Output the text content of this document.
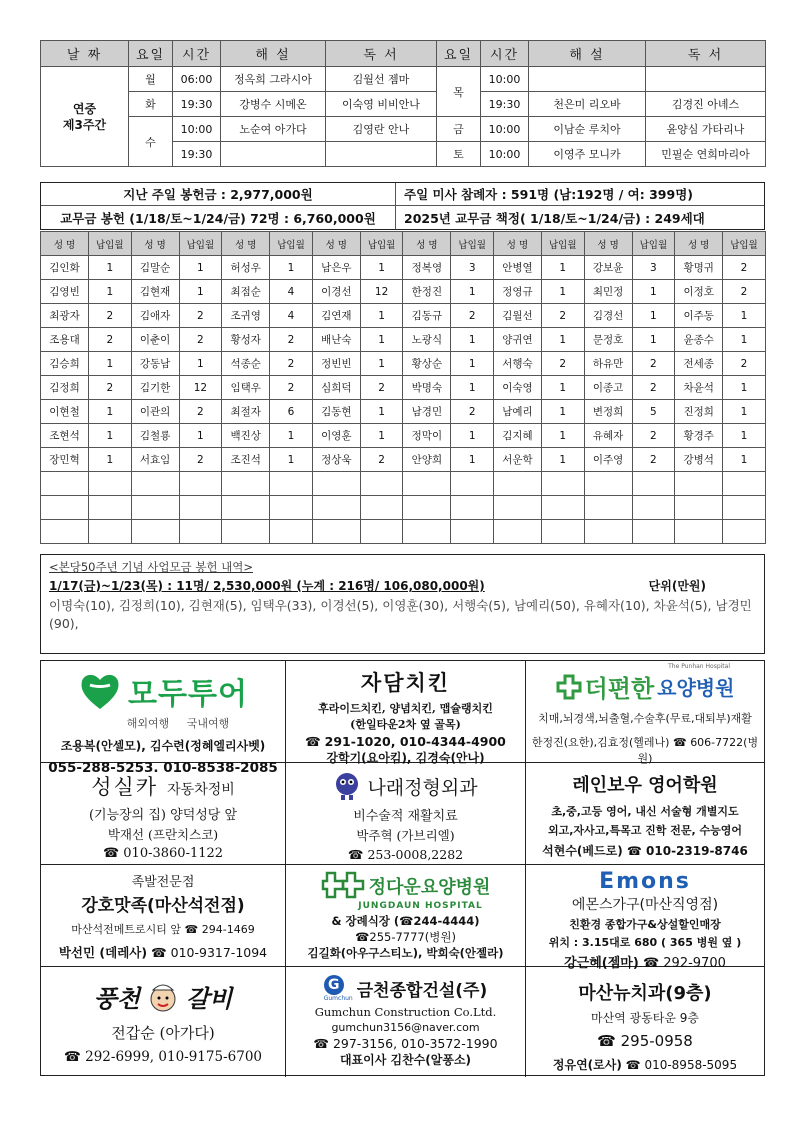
날 짜	요일	시간	해 설	독 서	요일	시간	해 설	독 서

연중
제3주간	월	06:00	정옥희 그라시아	김월선 젬마	목	10:00		
	화	19:30	강병수 시메온	이숙영 비비안나		19:30	천은미 리오바	김경진 아녜스
	수	10:00	노순여 아가다	김영란 안나	금	10:00	이남순 루치아	윤양심 가타리나
		19:30			토	10:00	이영주 모니카	민필순 연희마리아
지난 주일 봉헌금 : 2,977,000원	주일 미사 참례자 : 591명 (남:192명 / 여: 399명)
교무금 봉헌 (1/18/토~1/24/금) 72명 : 6,760,000원	2025년 교무금 책정( 1/18/토~1/24/금) : 249세대
성 명	납입월	성 명	납입월	성 명	납입월	성 명	납입월	성 명	납입월	성 명	납입월	성 명	납입월	성 명	납입월
김인화	1	김말순	1	허성우	1	남은우	1	정복영	3	안병열	1	강보윤	3	황명귀	2
김영빈	1	김현재	1	최점순	4	이경선	12	한정진	1	정영규	1	최민정	1	이정호	2
최광자	2	김애자	2	조귀영	4	김연재	1	김동규	2	김월선	2	김경선	1	이주동	1
조용대	2	이춘이	2	황성자	2	배난숙	1	노광식	1	양귀연	1	문정호	1	윤종수	1
김승희	1	강동남	1	석종순	2	정빈빈	1	황상순	1	서행숙	2	하유만	2	전세종	2
김정희	2	김기한	12	임택우	2	심희덕	2	박명숙	1	이숙영	1	이종고	2	차윤석	1
이현철	1	이관의	2	최절자	6	김동현	1	남경민	2	남예리	1	변정희	5	진정희	1
조현석	1	김철룡	1	백진상	1	이영훈	1	정막이	1	김지혜	1	유혜자	2	황경주	1
장민혁	1	서효임	2	조진석	1	정상욱	2	안양희	1	서운학	1	이주영	2	강병석	1

<본당50주년 기념 사업모금 봉헌 내역>
1/17(금)~1/23(목) : 11명/ 2,530,000원 (누계 : 216명/ 106,080,000원)	단위(만원)
이명숙(10), 김정희(10), 김현재(5), 임택우(33), 이경선(5), 이영훈(30), 서행숙(5), 남예리(50), 유혜자(10), 차윤석(5), 남경민(90),
모두투어
해외여행 국내여행
조용복(안셀모), 김수련(정혜엘리사벳)
055-288-5253. 010-8538-2085
자담치킨
후라이드치킨, 양념치킨, 맵슐랭치킨
(한일타운2차 옆 골목)
☎ 291-1020, 010-4344-4900
강학기(요아킴), 김경숙(안나)
더편한 요양병원
The Punhan Hospital
치매,뇌경색,뇌출혈,수술후(무료,대퇴부)재활
한정진(요한),김효정(헬레나) ☎ 606-7722(병원)
성실카 자동차정비
(기능장의 집) 양덕성당 앞
박재선 (프란치스코)
☎ 010-3860-1122
나래정형외과
비수술적 재활치료
박주혁 (가브리엘)
☎ 253-0008,2282
레인보우 영어학원
초,중,고등 영어, 내신 서술형 개별지도
외고,자사고,특목고 진학 전문, 수능영어
석현수(베드로) ☎ 010-2319-8746
족발전문점
강호맛족(마산석전점)
마산석전메트로시티 앞 ☎ 294-1469
박선민 (데레사) ☎ 010-9317-1094
정다운요양병원
JUNGDAUN HOSPITAL
& 장례식장 (☎244-4444)
☎255-7777(병원)
김길화(아우구스티노), 박희숙(안젤라)
Emons
에몬스가구(마산직영점)
친환경 종합가구&상설할인매장
위치 : 3.15대로 680 ( 365 병원 옆 )
강근혜(젬마) ☎ 292-9700
풍천 갈비
전갑순 (아가다)
☎ 292-6999, 010-9175-6700
G
Gumchun 금천종합건설(주)
Gumchun Construction Co.Ltd.
gumchun3156@naver.com
☎ 297-3156, 010-3572-1990
대표이사 김찬수(알퐁소)
마산뉴치과(9층)
마산역 광동타운 9층
☎ 295-0958
정유연(로사) ☎ 010-8958-5095
